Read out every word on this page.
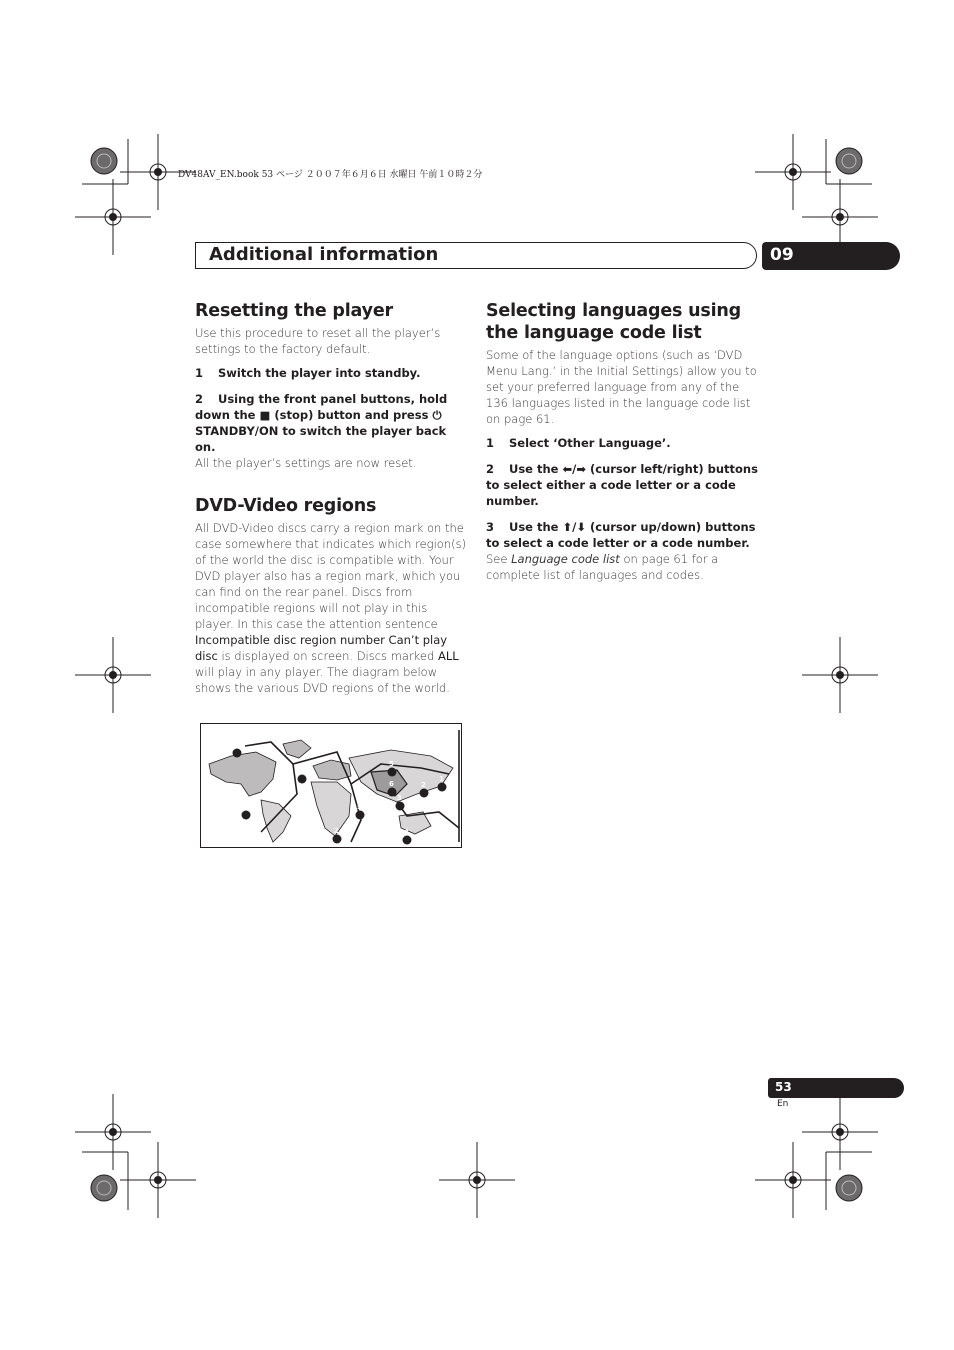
DV48AV_EN.book 53 ページ ２００７年６月６日 水曜日 午前１０時２分
Additional information	09
Resetting the player

Use this procedure to reset all the player’s settings to the factory default.

1 Switch the player into standby.

2 Using the front panel buttons, hold down the ■ (stop) button and press ⏻ STANDBY/ON to switch the player back on.

All the player’s settings are now reset.

DVD-Video regions

All DVD-Video discs carry a region mark on the case somewhere that indicates which region(s) of the world the disc is compatible with. Your DVD player also has a region mark, which you can find on the rear panel. Discs from incompatible regions will not play in this player. In this case the attention sentence Incompatible disc region number Can’t play disc is displayed on screen. Discs marked ALL will play in any player. The diagram below shows the various DVD regions of the world.

1
2
5
1
6	2
3
4	5
2	4
Selecting languages using the language code list

Some of the language options (such as ‘DVD Menu Lang.’ in the Initial Settings) allow you to set your preferred language from any of the 136 languages listed in the language code list on page 61.

1 Select ‘Other Language’.

2 Use the ⬅/➡ (cursor left/right) buttons to select either a code letter or a code number.

3 Use the ⬆/⬇ (cursor up/down) buttons to select a code letter or a code number.

See Language code list on page 61 for a complete list of languages and codes.

53
En
